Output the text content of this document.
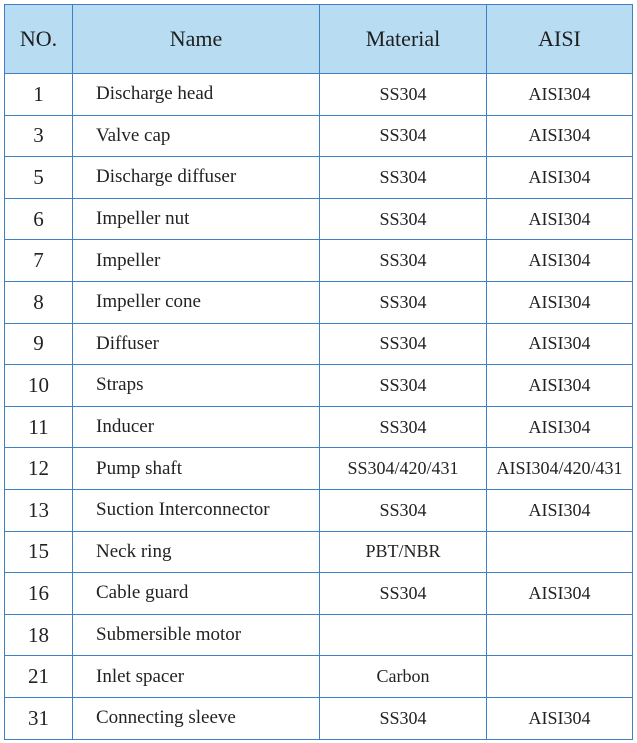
NO.	Name	Material	AISI
1	Discharge head	SS304	AISI304
3	Valve cap	SS304	AISI304
5	Discharge diffuser	SS304	AISI304
6	Impeller nut	SS304	AISI304
7	Impeller	SS304	AISI304
8	Impeller cone	SS304	AISI304
9	Diffuser	SS304	AISI304
10	Straps	SS304	AISI304
11	Inducer	SS304	AISI304
12	Pump shaft	SS304/420/431	AISI304/420/431
13	Suction Interconnector	SS304	AISI304
15	Neck ring	PBT/NBR	
16	Cable guard	SS304	AISI304
18	Submersible motor		
21	Inlet spacer	Carbon	
31	Connecting sleeve	SS304	AISI304
